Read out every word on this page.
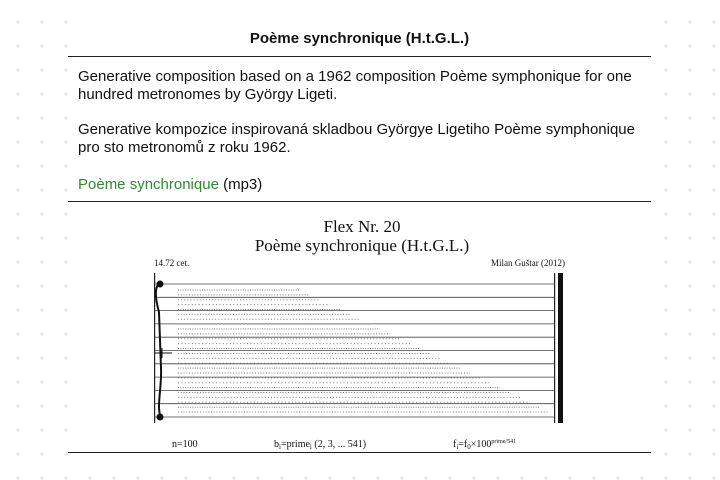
Poème synchronique (H.t.G.L.)

Generative composition based on a 1962 composition Poème symphonique for one hundred metronomes by György Ligeti.

Generative kompozice inspirovaná skladbou Györgye Ligetiho Poème symphonique pro sto metronomů z roku 1962.

Poème synchronique (mp3)

Flex Nr. 20
Poème synchronique (H.t.G.L.)
14.72 cet.	Milan Guštar (2012)
n=100	$b_i=prime_i$ (2, 3, ... 541)	$f_i=f_0\times 100^{prime/541}$
